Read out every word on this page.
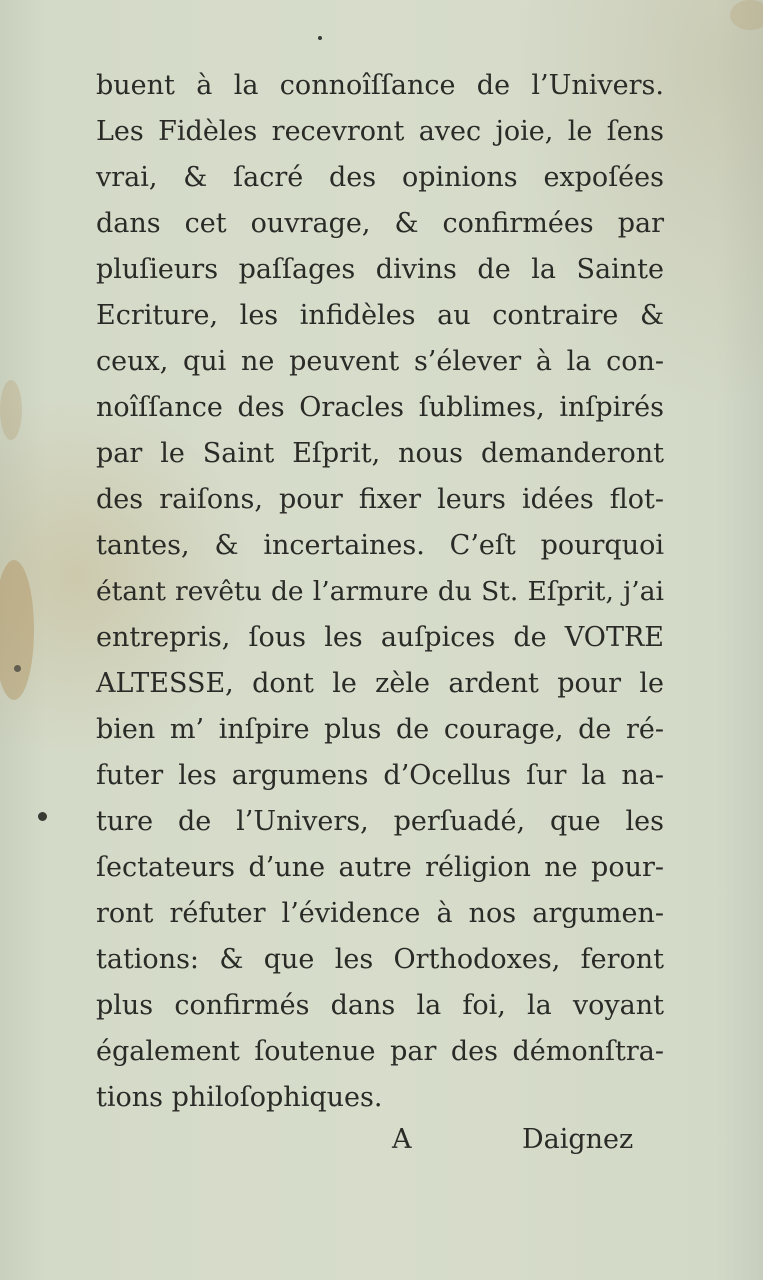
buent à la connoîſſance de l’Univers.
Les Fidèles recevront avec joie, le ſens
vrai, & ſacré des opinions expoſées
dans cet ouvrage, & confirmées par
pluſieurs paſſages divins de la Sainte
Ecriture, les infidèles au contraire &
ceux, qui ne peuvent s’élever à la con-
noîſſance des Oracles ſublimes, inſpirés
par le Saint Eſprit, nous demanderont
des raiſons, pour fixer leurs idées flot-
tantes, & incertaines. C’eſt pourquoi
étant revêtu de l’armure du St. Eſprit, j’ai
entrepris, ſous les auſpices de VOTRE
ALTESSE, dont le zèle ardent pour le
bien m’ inſpire plus de courage, de ré-
futer les argumens d’Ocellus ſur la na-
ture de l’Univers, perſuadé, que les
ſectateurs d’une autre réligion ne pour-
ront réfuter l’évidence à nos argumen-
tations: & que les Orthodoxes, feront
plus confirmés dans la foi, la voyant
également ſoutenue par des démonſtra-
tions philoſophiques.
A	Daignez
